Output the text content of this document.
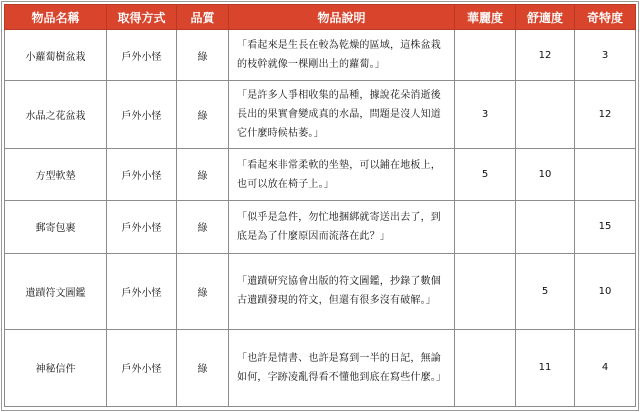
物品名稱	取得方式	品質	物品說明	華麗度	舒適度	奇特度
小蘿蔔樹盆栽	戶外小怪	綠	「看起來是生長在較為乾燥的區域，這株盆栽的枝幹就像一棵剛出土的蘿蔔。」		12	3
水晶之花盆栽	戶外小怪	綠	「是許多人爭相收集的品種，據說花朵消逝後長出的果實會變成真的水晶，問題是沒人知道它什麼時候枯萎。」	3		12
方型軟墊	戶外小怪	綠	「看起來非常柔軟的坐墊，可以鋪在地板上，也可以放在椅子上。」	5	10	
郵寄包裹	戶外小怪	綠	「似乎是急件，勿忙地捆綁就寄送出去了，到底是為了什麼原因而流落在此？」			15
遺蹟符文圖鑑	戶外小怪	綠	「遺蹟研究協會出版的符文圖鑑，抄錄了數個古遺蹟發現的符文，但還有很多沒有破解。」		5	10
神秘信件	戶外小怪	綠	「也許是情書、也許是寫到一半的日記，無論如何，字跡凌亂得看不懂他到底在寫些什麼。」		11	4
